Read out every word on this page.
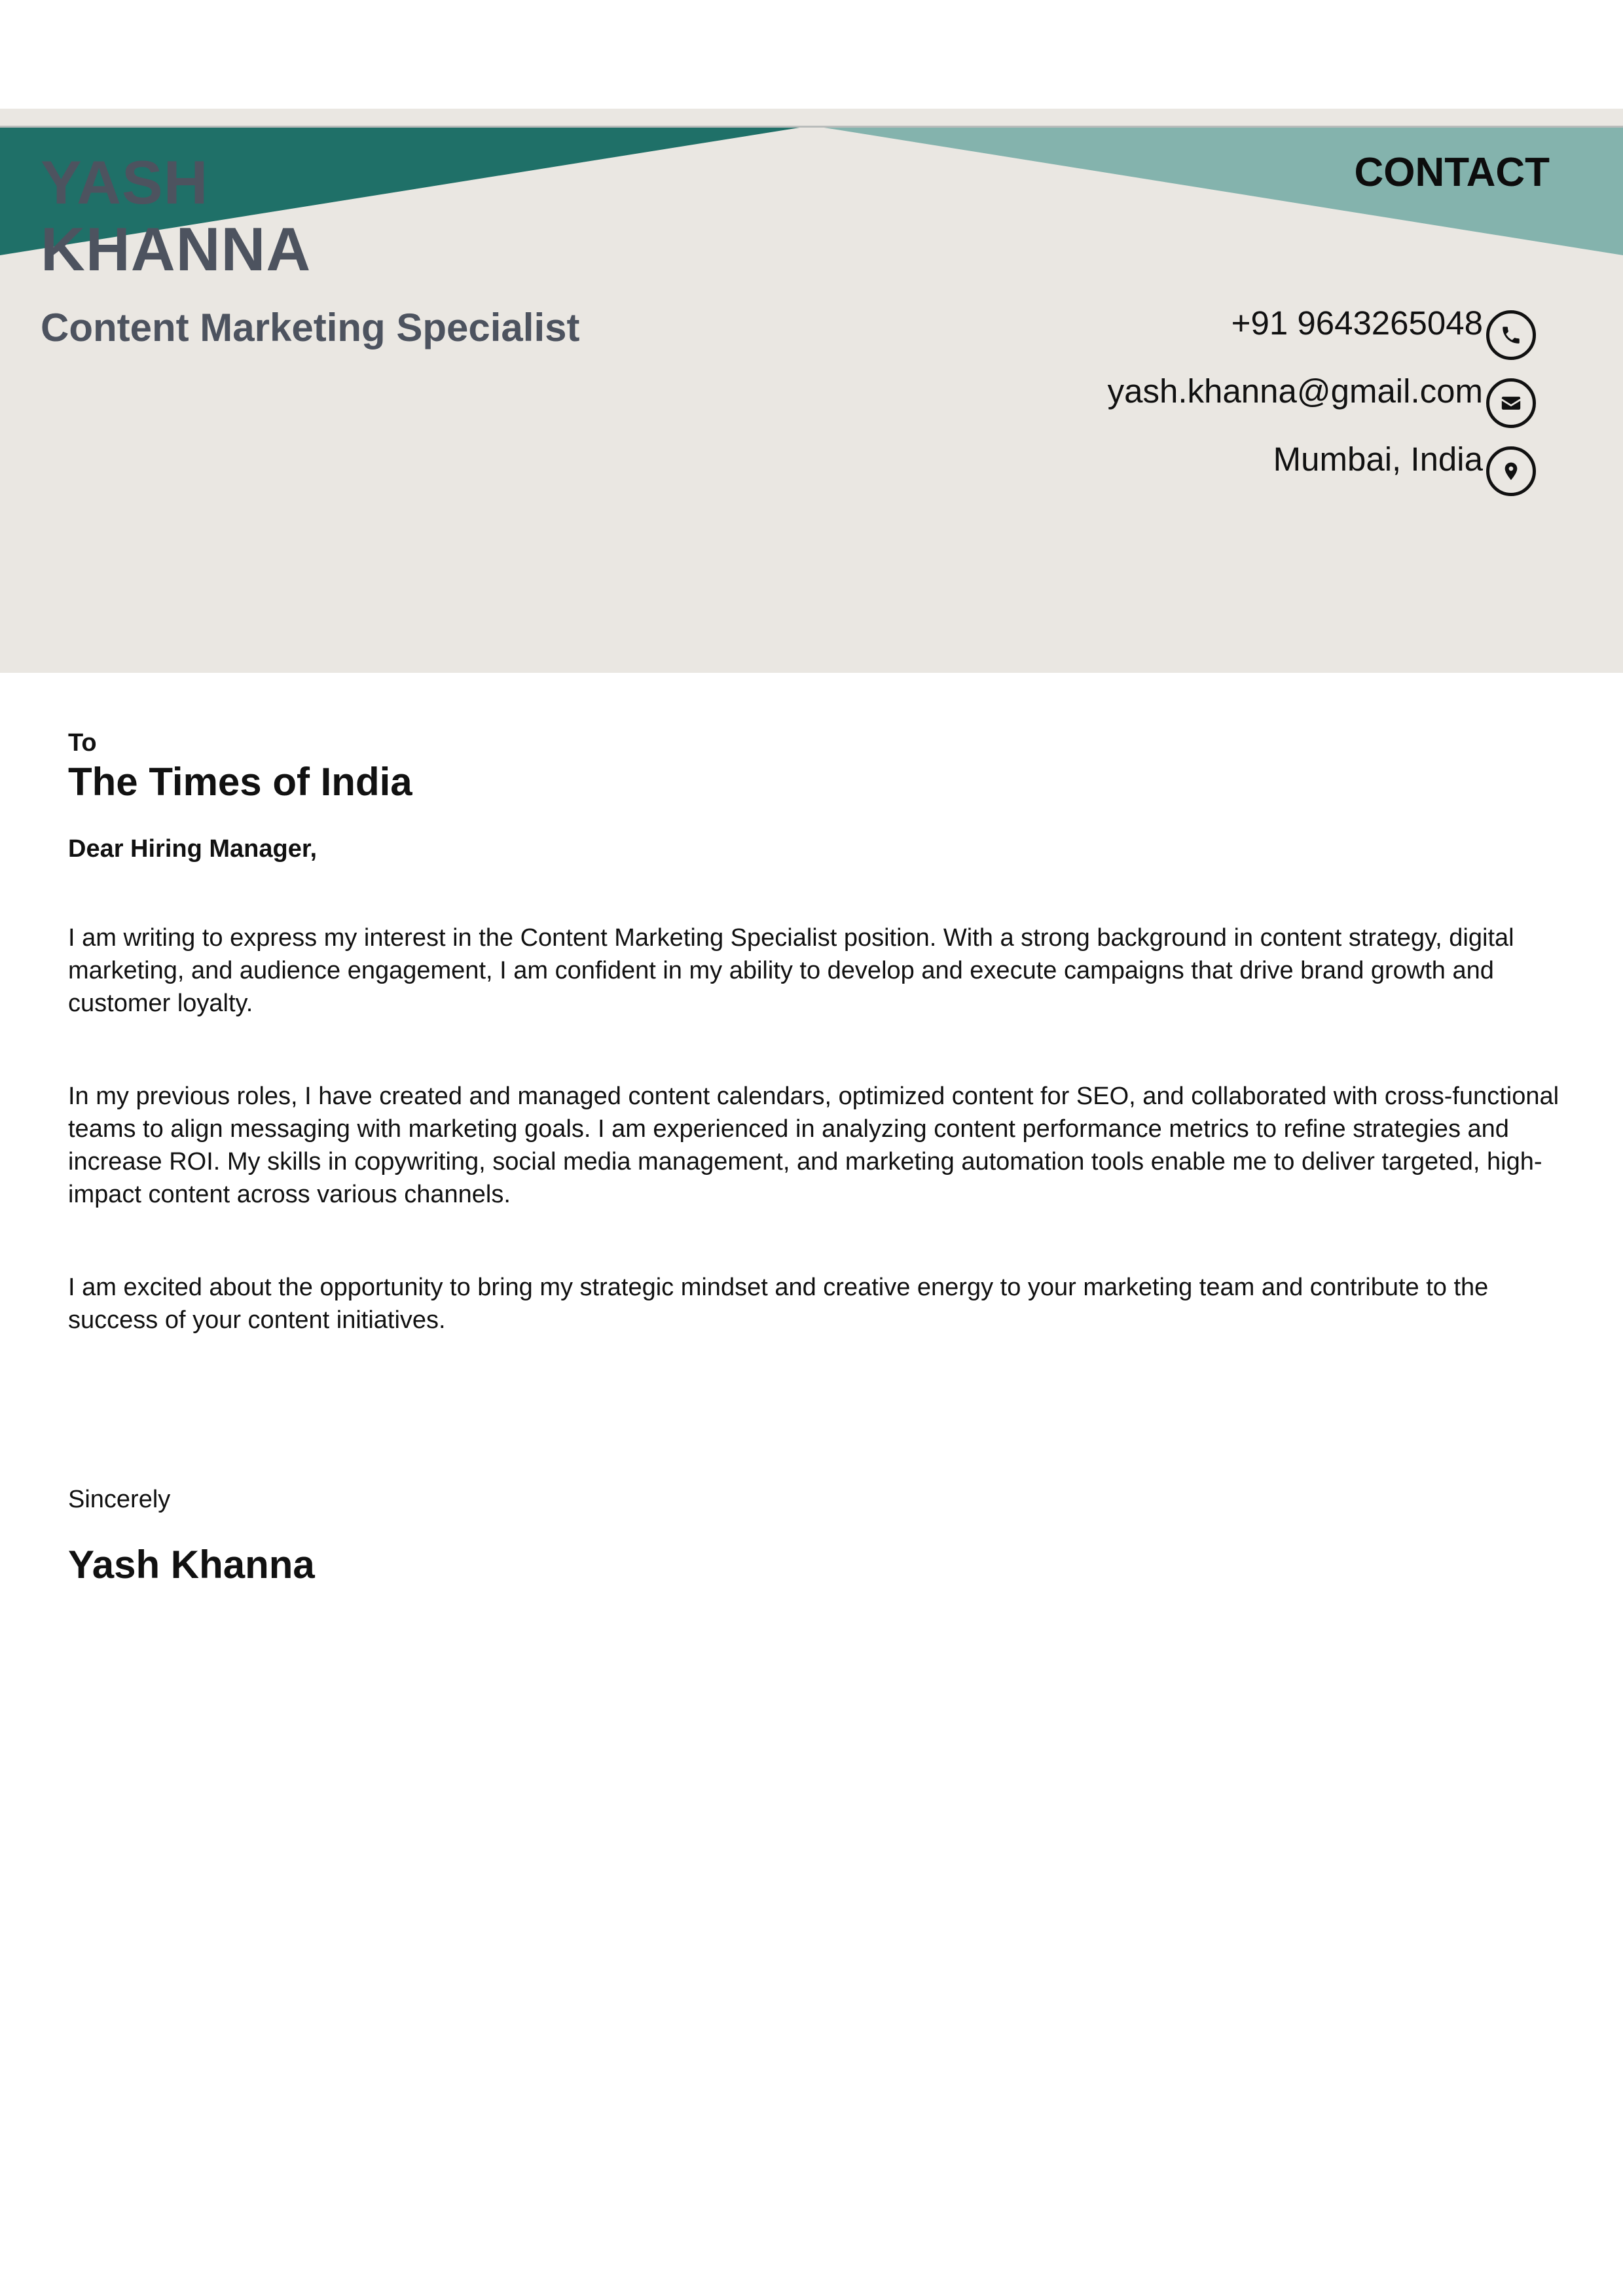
YASH
KHANNA
Content Marketing Specialist
CONTACT
+91 9643265048
yash.khanna@gmail.com
Mumbai, India
To
The Times of India
Dear Hiring Manager,
I am writing to express my interest in the Content Marketing Specialist position. With a strong background in content strategy, digital marketing, and audience engagement, I am confident in my ability to develop and execute campaigns that drive brand growth and customer loyalty.
In my previous roles, I have created and managed content calendars, optimized content for SEO, and collaborated with cross-functional teams to align messaging with marketing goals. I am experienced in analyzing content performance metrics to refine strategies and increase ROI. My skills in copywriting, social media management, and marketing automation tools enable me to deliver targeted, high-impact content across various channels.
I am excited about the opportunity to bring my strategic mindset and creative energy to your marketing team and contribute to the success of your content initiatives.
Sincerely
Yash Khanna
